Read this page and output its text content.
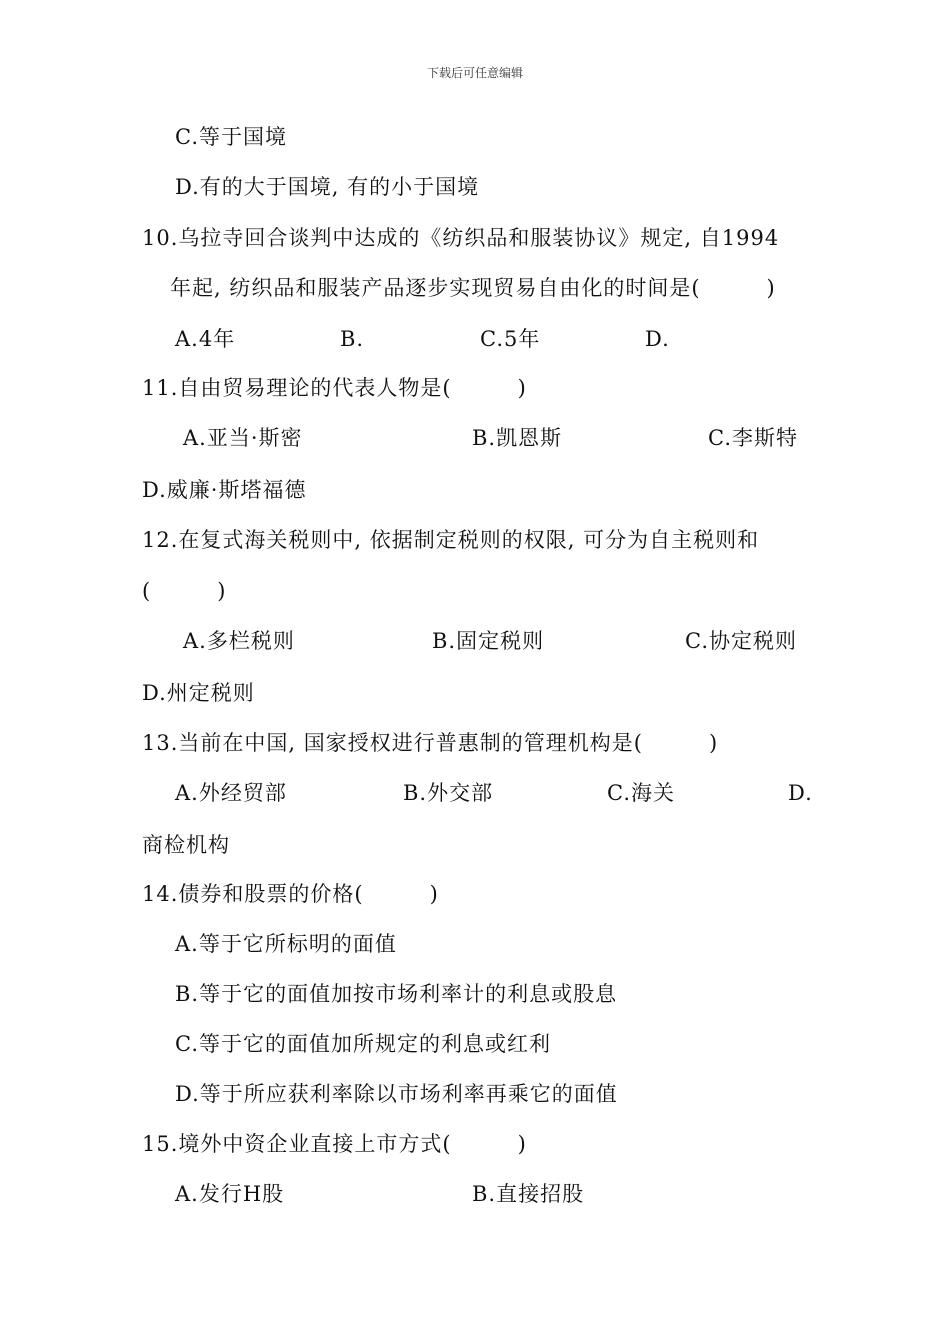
下载后可任意编辑
C.等于国境
D.有的大于国境, 有的小于国境
10.乌拉寺回合谈判中达成的《纺织品和服装协议》规定, 自1994
年起, 纺织品和服装产品逐步实现贸易自由化的时间是(　　　)
A.4年	B.	C.5年	D.
11.自由贸易理论的代表人物是(　　　)
A.亚当·斯密	B.凯恩斯	C.李斯特
D.威廉·斯塔福德
12.在复式海关税则中, 依据制定税则的权限, 可分为自主税则和
(　　　)
A.多栏税则	B.固定税则	C.协定税则
D.州定税则
13.当前在中国, 国家授权进行普惠制的管理机构是(　　　)
A.外经贸部	B.外交部	C.海关	D.
商检机构
14.债券和股票的价格(　　　)
A.等于它所标明的面值
B.等于它的面值加按市场利率计的利息或股息
C.等于它的面值加所规定的利息或红利
D.等于所应获利率除以市场利率再乘它的面值
15.境外中资企业直接上市方式(　　　)
A.发行H股	B.直接招股
